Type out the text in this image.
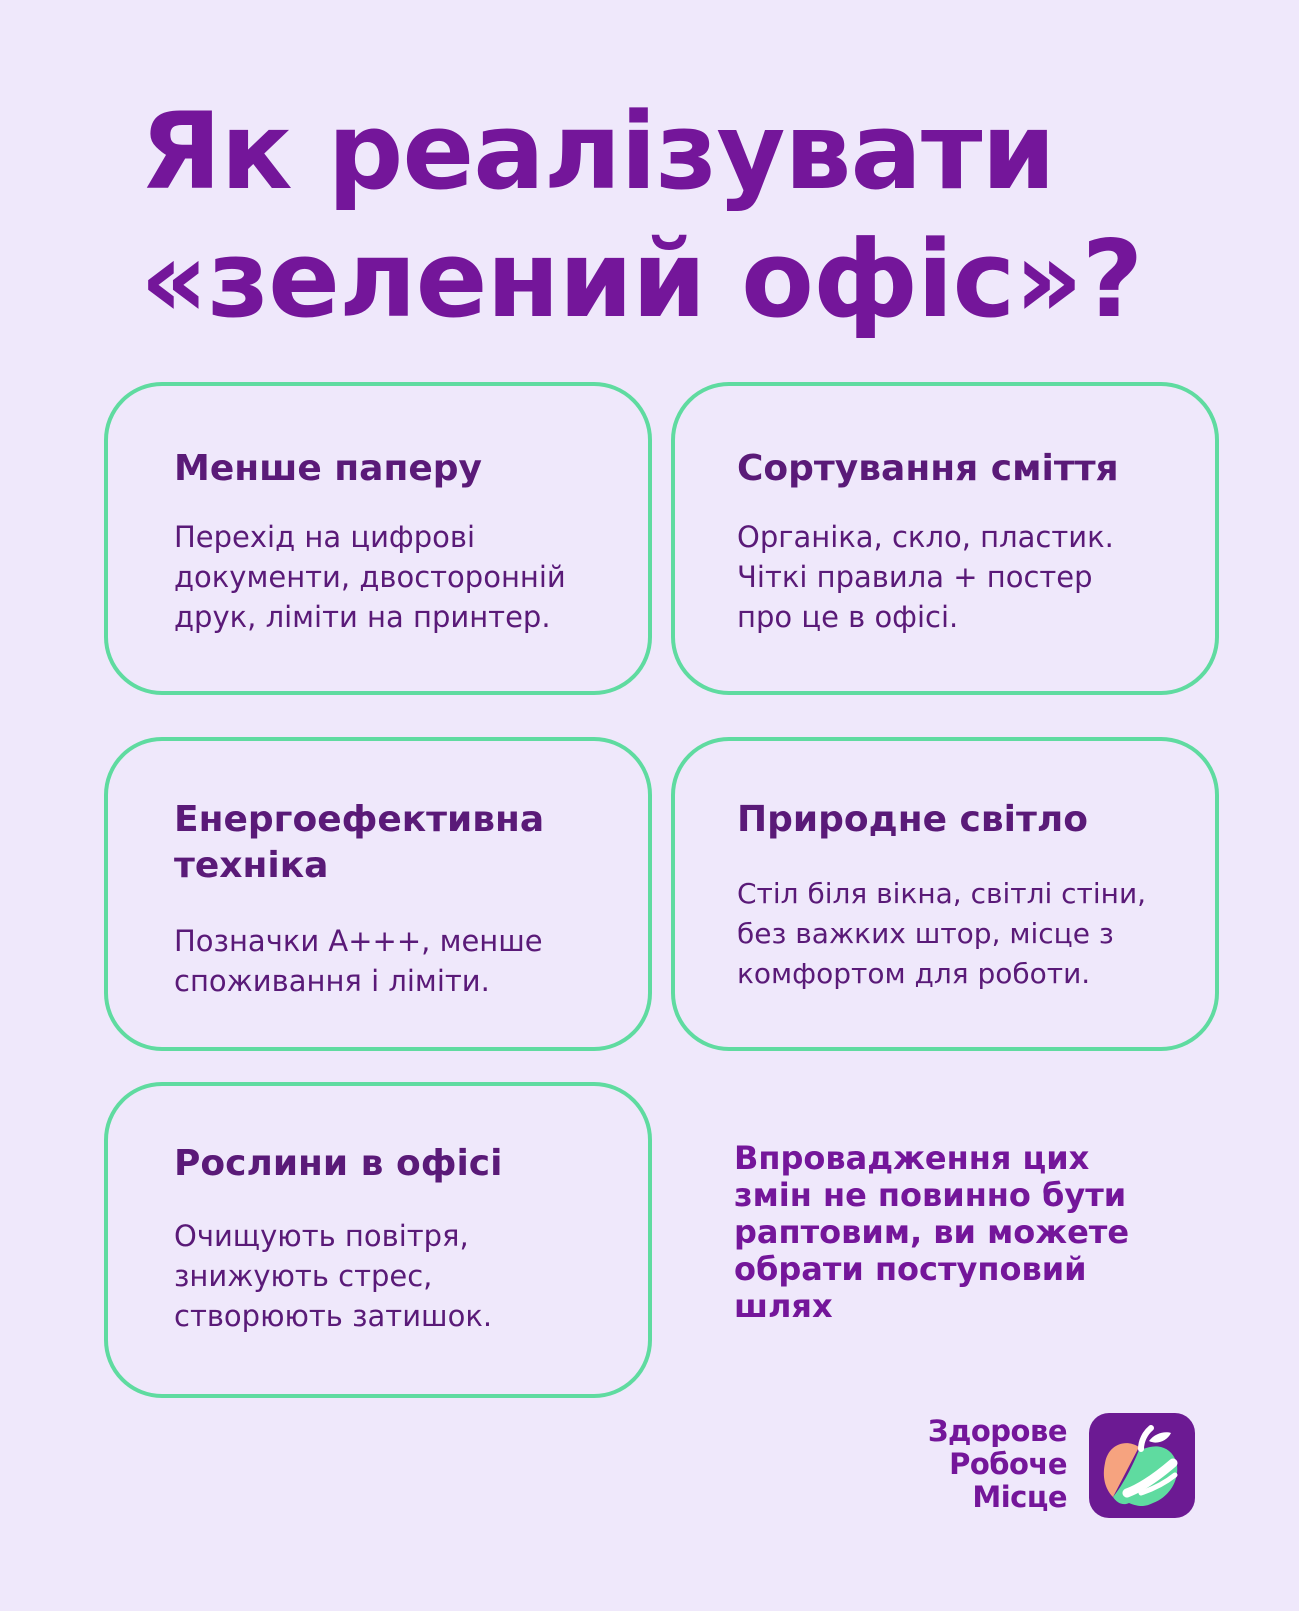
Як реалізувати
«зелений офіс»?
Менше паперу

Перехід на цифрові
документи, двосторонній
друк, ліміти на принтер.

Сортування сміття

Органіка, скло, пластик.
Чіткі правила + постер
про це в офісі.

Енергоефективна техніка

Позначки А+++, менше
споживання і ліміти.

Природне світло

Стіл біля вікна, світлі стіни,
без важких штор, місце з
комфортом для роботи.

Рослини в офісі

Очищують повітря,
знижують стрес,
створюють затишок.

Впровадження цих змін не повинно бути раптовим, ви можете обрати поступовий шлях

Здорове
Робоче
Місце
